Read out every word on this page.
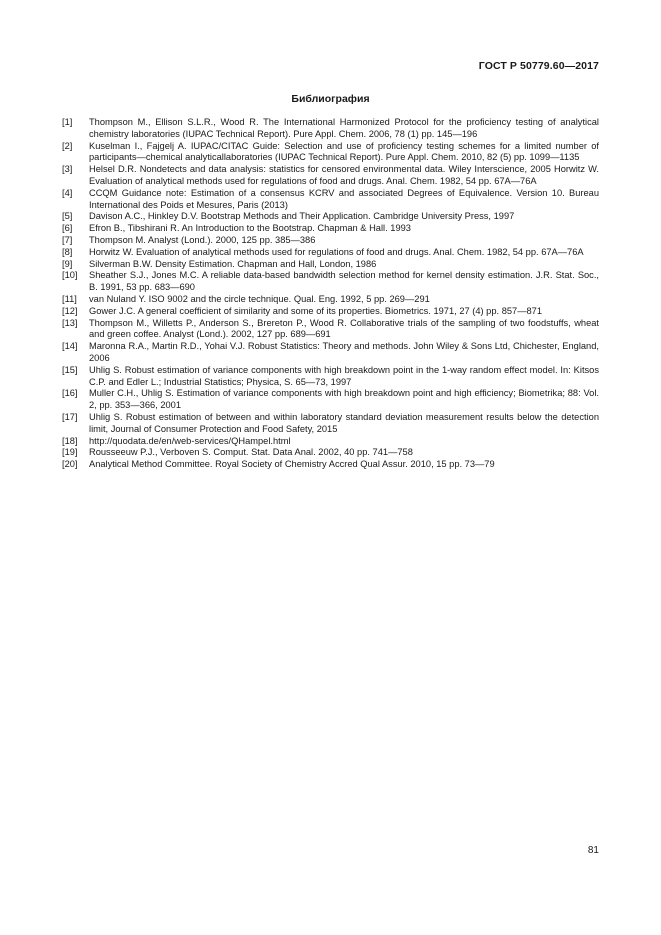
ГОСТ Р 50779.60—2017
Библиография
[1]	Thompson M., Ellison S.L.R., Wood R. The International Harmonized Protocol for the proficiency testing of analytical chemistry laboratories (IUPAC Technical Report). Pure Appl. Chem. 2006, 78 (1) pp. 145—196
[2]	Kuselman I., Fajgelj A. IUPAC/CITAC Guide: Selection and use of proficiency testing schemes for a limited number of participants—chemical analyticallaboratories (IUPAC Technical Report). Pure Appl. Chem. 2010, 82 (5) pp. 1099—1135
[3]	Helsel D.R. Nondetects and data analysis: statistics for censored environmental data. Wiley Interscience, 2005 Horwitz W. Evaluation of analytical methods used for regulations of food and drugs. Anal. Chem. 1982, 54 pp. 67A—76A
[4]	CCQM Guidance note: Estimation of a consensus KCRV and associated Degrees of Equivalence. Version 10. Bureau International des Poids et Mesures, Paris (2013)
[5]	Davison A.C., Hinkley D.V. Bootstrap Methods and Their Application. Cambridge University Press, 1997
[6]	Efron B., Tibshirani R. An Introduction to the Bootstrap. Chapman & Hall. 1993
[7]	Thompson M. Analyst (Lond.). 2000, 125 pp. 385—386
[8]	Horwitz W. Evaluation of analytical methods used for regulations of food and drugs. Anal. Chem. 1982, 54 pp. 67A—76A
[9]	Silverman B.W. Density Estimation. Chapman and Hall, London, 1986
[10]	Sheather S.J., Jones M.C. A reliable data-based bandwidth selection method for kernel density estimation. J.R. Stat. Soc., B. 1991, 53 pp. 683—690
[11]	van Nuland Y. ISO 9002 and the circle technique. Qual. Eng. 1992, 5 pp. 269—291
[12]	Gower J.C. A general coefficient of similarity and some of its properties. Biometrics. 1971, 27 (4) pp. 857—871
[13]	Thompson M., Willetts P., Anderson S., Brereton P., Wood R. Collaborative trials of the sampling of two foodstuffs, wheat and green coffee. Analyst (Lond.). 2002, 127 pp. 689—691
[14]	Maronna R.A., Martin R.D., Yohai V.J. Robust Statistics: Theory and methods. John Wiley & Sons Ltd, Chichester, England, 2006
[15]	Uhlig S. Robust estimation of variance components with high breakdown point in the 1-way random effect model. In: Kitsos C.P. and Edler L.; Industrial Statistics; Physica, S. 65—73, 1997
[16]	Muller C.H., Uhlig S. Estimation of variance components with high breakdown point and high efficiency; Biometrika; 88: Vol. 2, pp. 353—366, 2001
[17]	Uhlig S. Robust estimation of between and within laboratory standard deviation measurement results below the detection limit, Journal of Consumer Protection and Food Safety, 2015
[18]	http://quodata.de/en/web-services/QHampel.html
[19]	Rousseeuw P.J., Verboven S. Comput. Stat. Data Anal. 2002, 40 pp. 741—758
[20]	Analytical Method Committee. Royal Society of Chemistry Accred Qual Assur. 2010, 15 pp. 73—79
81
